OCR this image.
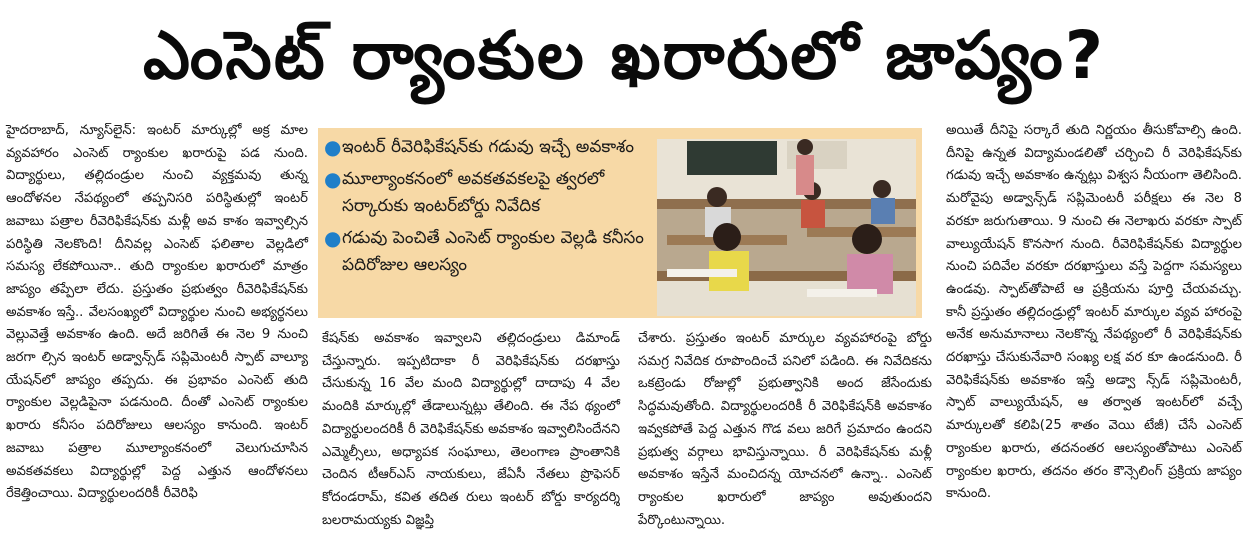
ఎంసెట్ ర్యాంకుల ఖరారులో జాప్యం?

హైదరాబాద్, న్యూస్‌లైన్: ఇంటర్ మార్కుల్లో అక్ర మాల వ్యవహారం ఎంసెట్ ర్యాంకుల ఖరారుపై పడ నుంది. విద్యార్థులు, తల్లిదండ్రుల నుంచి వ్యక్తమవు తున్న ఆందోళనల నేపథ్యంలో తప్పనిసరి పరిస్థితుల్లో ఇంటర్ జవాబు పత్రాల రీవెరిఫికేషన్‌కు మళ్లీ అవ కాశం ఇవ్వాల్సిన పరిస్థితి నెలకొంది! దీనివల్ల ఎంసెట్ ఫలితాల వెల్లడిలో సమస్య లేకపోయినా.. తుది ర్యాంకుల ఖరారులో మాత్రం జాప్యం తప్పేలా లేదు. ప్రస్తుతం ప్రభుత్వం రీవెరిఫికేషన్‌కు అవకాశం ఇస్తే.. వేలసంఖ్యలో విద్యార్థుల నుంచి అభ్యర్థనలు వెల్లువెత్తే అవకాశం ఉంది. అదే జరిగితే ఈ నెల 9 నుంచి జరగా ల్సిన ఇంటర్ అడ్వాన్స్‌డ్ సప్లిమెంటరీ స్పాట్ వాల్యూ యేషన్‌లో జాప్యం తప్పదు. ఈ ప్రభావం ఎంసెట్ తుది ర్యాంకుల వెల్లడిపైనా పడనుంది. దీంతో ఎంసెట్ ర్యాంకుల ఖరారు కనీసం పదిరోజులు ఆలస్యం కానుంది. ఇంటర్ జవాబు పత్రాల మూల్యాంకనంలో వెలుగుచూసిన అవకతవకలు విద్యార్థుల్లో పెద్ద ఎత్తున ఆందోళనలు రేకెత్తించాయి. విద్యార్థులందరికీ రీవెరిఫి

● ఇంటర్ రీవెరిఫికేషన్‌కు గడువు ఇచ్చే అవకాశం
● మూల్యాంకనంలో అవకతవకలపై త్వరలో సర్కారుకు ఇంటర్‌బోర్డు నివేదిక
● గడువు పెంచితే ఎంసెట్ ర్యాంకుల వెల్లడి కనీసం పదిరోజుల ఆలస్యం

కేషన్‌కు అవకాశం ఇవ్వాలని తల్లిదండ్రులు డిమాండ్ చేస్తున్నారు. ఇప్పటిదాకా రీ వెరిఫికేషన్‌కు దరఖాస్తు చేసుకున్న 16 వేల మంది విద్యార్థుల్లో దాదాపు 4 వేల మందికి మార్కుల్లో తేడాలున్నట్లు తేలింది. ఈ నేప థ్యంలో విద్యార్థులందరికీ రీ వెరిఫికేషన్‌కు అవకాశం ఇవ్వాలిసిందేనని ఎమ్మెల్సీలు, అధ్యాపక సంఘాలు, తెలంగాణ ప్రాంతానికి చెందిన టీఆర్‌ఎస్ నాయకులు, జేఏసీ నేతలు ప్రొఫెసర్ కోదండరామ్, కవిత తదిత రులు ఇంటర్ బోర్డు కార్యదర్శి బలరామయ్యకు విజ్ఞప్తి

చేశారు. ప్రస్తుతం ఇంటర్ మార్కుల వ్యవహారంపై బోర్డు సమగ్ర నివేదిక రూపొందించే పనిలో పడింది. ఈ నివేదికను ఒకట్రెండు రోజుల్లో ప్రభుత్వానికి అంద జేసేందుకు సిద్ధమవుతోంది. విద్యార్థులందరికీ రీ వెరిఫికేషన్‌కి అవకాశం ఇవ్వకపోతే పెద్ద ఎత్తున గొడ వలు జరిగే ప్రమాదం ఉందని ప్రభుత్వ వర్గాలు భావిస్తున్నాయి. రీ వెరిఫికేషన్‌కు మళ్లీ అవకాశం ఇస్తేనే మంచిదన్న యోచనలో ఉన్నా.. ఎంసెట్ ర్యాంకుల ఖరారులో జాప్యం అవుతుందని పేర్కొంటున్నాయి.

అయితే దీనిపై సర్కారే తుది నిర్ణయం తీసుకోవాల్సి ఉంది. దీనిపై ఉన్నత విద్యామండలితో చర్చించి రీ వెరిఫికేషన్‌కు గడువు ఇచ్చే అవకాశం ఉన్నట్లు విశ్వస నీయంగా తెలిసింది. మరోవైపు అడ్వాన్స్‌డ్ సప్లిమెంటరీ పరీక్షలు ఈ నెల 8 వరకూ జరుగుతాయి. 9 నుంచి ఈ నెలాఖరు వరకూ స్పాట్ వాల్యుయేషన్ కొనసాగ నుంది. రీవెరిఫికేషన్‌కు విద్యార్థుల నుంచి పదివేల వరకూ దరఖాస్తులు వస్తే పెద్దగా సమస్యలు ఉండవు. స్పాట్‌తోపాటే ఆ ప్రక్రియను పూర్తి చేయవచ్చు. కానీ ప్రస్తుతం తల్లిదండ్రుల్లో ఇంటర్ మార్కుల వ్యవ హారంపై అనేక అనుమానాలు నెలకొన్న నేపథ్యంలో రీ వెరిఫికేషన్‌కు దరఖాస్తు చేసుకునేవారి సంఖ్య లక్ష వర కూ ఉండనుంది. రీ వెరిఫికేషన్‌కు అవకాశం ఇస్తే అడ్వా న్స్‌డ్ సప్లిమెంటరీ, స్పాట్ వాల్యుయేషన్, ఆ తర్వాత ఇంటర్‌లో వచ్చే మార్కులతో కలిపి(25 శాతం వెయి టేజీ) చేసే ఎంసెట్ ర్యాంకుల ఖరారు, తదనంతర ఆలస్యంతోపాటు ఎంసెట్ ర్యాంకుల ఖరారు, తదనం తరం కౌన్సెలింగ్ ప్రక్రియ జాప్యం కానుంది.
